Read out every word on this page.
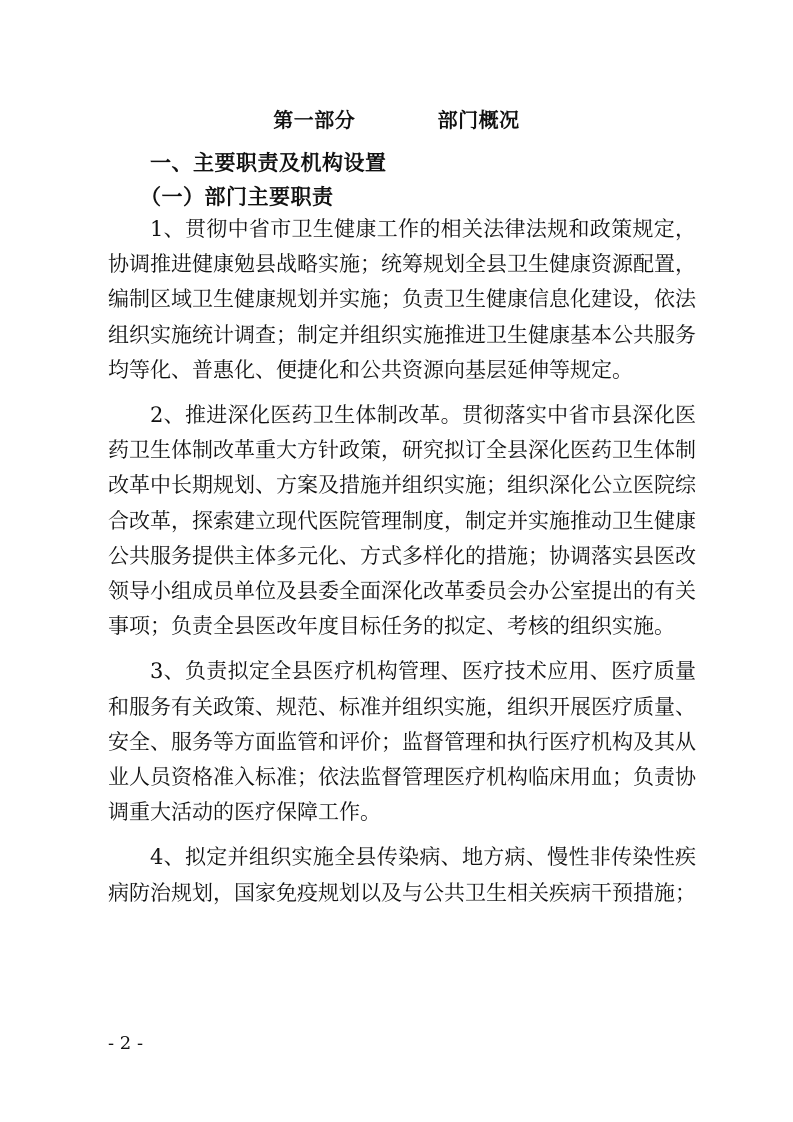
第一部分   部门概况
一、主要职责及机构设置
（一）部门主要职责

1、贯彻中省市卫生健康工作的相关法律法规和政策规定，协调推进健康勉县战略实施；统筹规划全县卫生健康资源配置，编制区域卫生健康规划并实施；负责卫生健康信息化建设，依法组织实施统计调查；制定并组织实施推进卫生健康基本公共服务均等化、普惠化、便捷化和公共资源向基层延伸等规定。

2、推进深化医药卫生体制改革。贯彻落实中省市县深化医药卫生体制改革重大方针政策，研究拟订全县深化医药卫生体制改革中长期规划、方案及措施并组织实施；组织深化公立医院综合改革，探索建立现代医院管理制度，制定并实施推动卫生健康公共服务提供主体多元化、方式多样化的措施；协调落实县医改领导小组成员单位及县委全面深化改革委员会办公室提出的有关事项；负责全县医改年度目标任务的拟定、考核的组织实施。

3、负责拟定全县医疗机构管理、医疗技术应用、医疗质量和服务有关政策、规范、标准并组织实施，组织开展医疗质量、安全、服务等方面监管和评价；监督管理和执行医疗机构及其从业人员资格准入标准；依法监督管理医疗机构临床用血；负责协调重大活动的医疗保障工作。

4、拟定并组织实施全县传染病、地方病、慢性非传染性疾病防治规划，国家免疫规划以及与公共卫生相关疾病干预措施；

- 2 -
